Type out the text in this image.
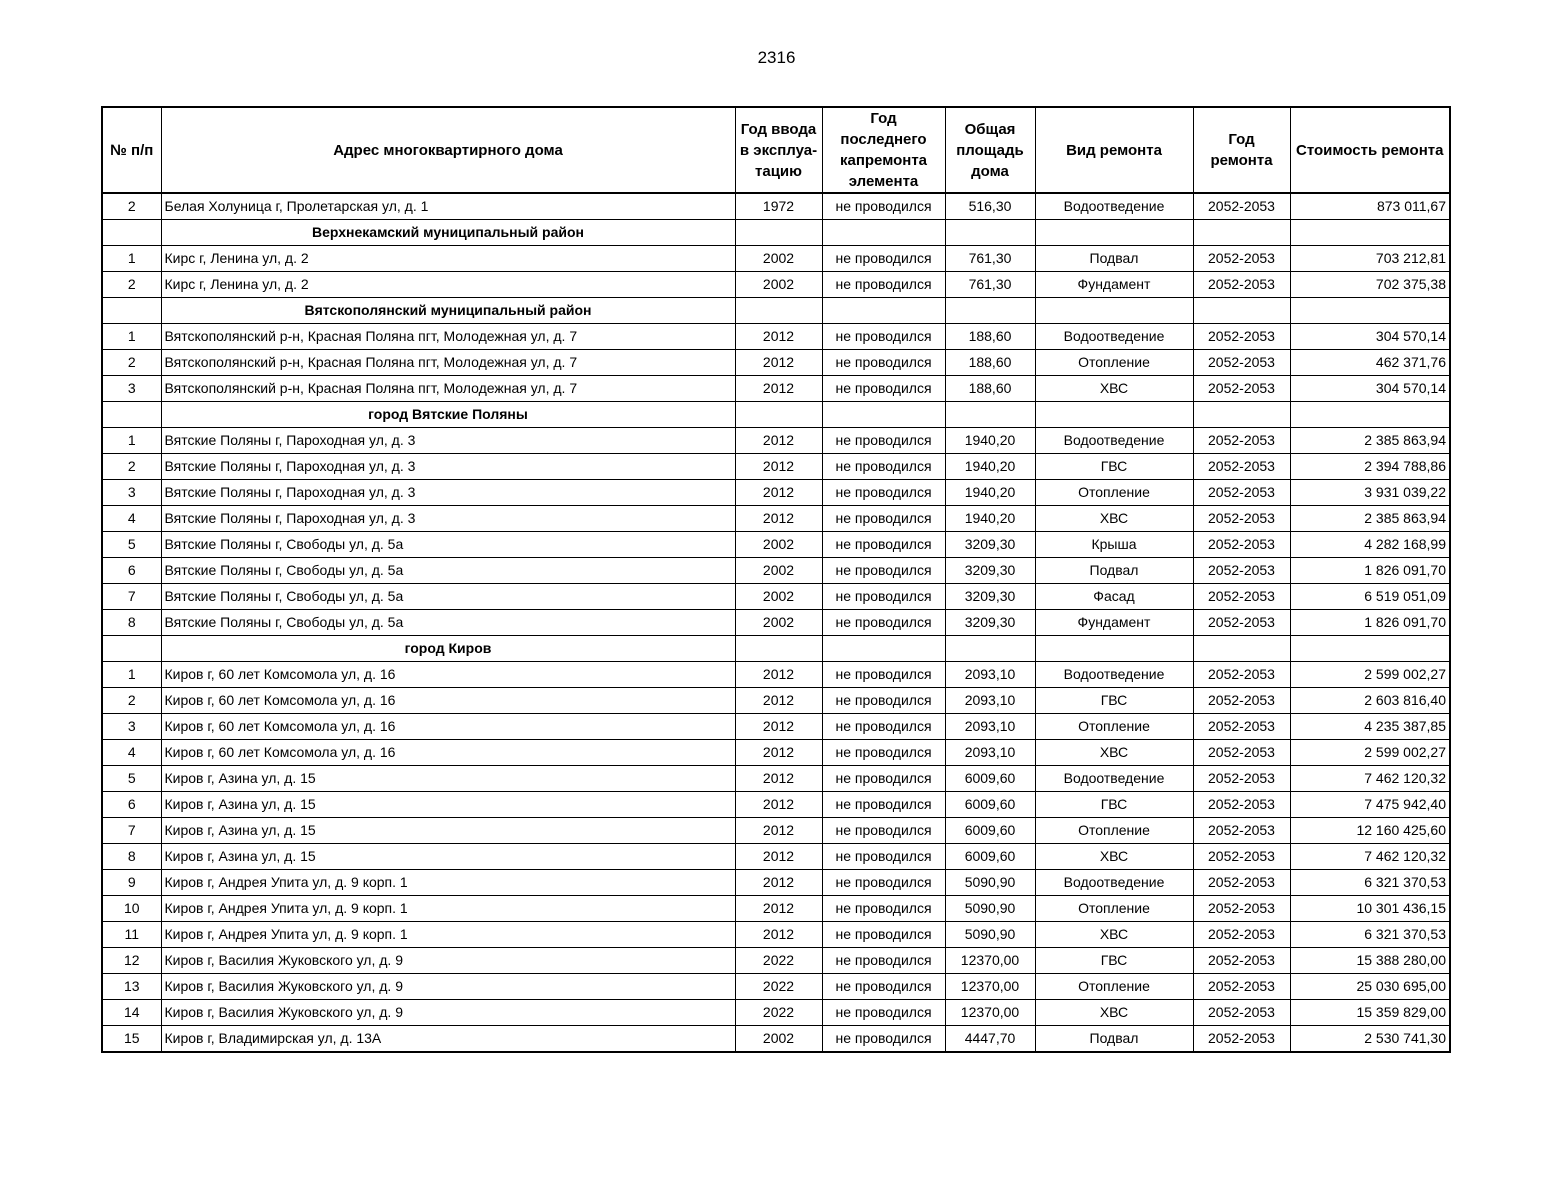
2316
№ п/п	Адрес многоквартирного дома	Год ввода в эксплуа-тацию	Год последнего капремонта элемента	Общая площадь дома	Вид ремонта	Год ремонта	Стоимость ремонта
2	Белая Холуница г, Пролетарская ул, д. 1	1972	не проводился	516,30	Водоотведение	2052-2053	873 011,67
	Верхнекамский муниципальный район						
1	Кирс г, Ленина ул, д. 2	2002	не проводился	761,30	Подвал	2052-2053	703 212,81
2	Кирс г, Ленина ул, д. 2	2002	не проводился	761,30	Фундамент	2052-2053	702 375,38
	Вятскополянский муниципальный район						
1	Вятскополянский р-н, Красная Поляна пгт, Молодежная ул, д. 7	2012	не проводился	188,60	Водоотведение	2052-2053	304 570,14
2	Вятскополянский р-н, Красная Поляна пгт, Молодежная ул, д. 7	2012	не проводился	188,60	Отопление	2052-2053	462 371,76
3	Вятскополянский р-н, Красная Поляна пгт, Молодежная ул, д. 7	2012	не проводился	188,60	ХВС	2052-2053	304 570,14
	город Вятские Поляны						
1	Вятские Поляны г, Пароходная ул, д. 3	2012	не проводился	1940,20	Водоотведение	2052-2053	2 385 863,94
2	Вятские Поляны г, Пароходная ул, д. 3	2012	не проводился	1940,20	ГВС	2052-2053	2 394 788,86
3	Вятские Поляны г, Пароходная ул, д. 3	2012	не проводился	1940,20	Отопление	2052-2053	3 931 039,22
4	Вятские Поляны г, Пароходная ул, д. 3	2012	не проводился	1940,20	ХВС	2052-2053	2 385 863,94
5	Вятские Поляны г, Свободы ул, д. 5а	2002	не проводился	3209,30	Крыша	2052-2053	4 282 168,99
6	Вятские Поляны г, Свободы ул, д. 5а	2002	не проводился	3209,30	Подвал	2052-2053	1 826 091,70
7	Вятские Поляны г, Свободы ул, д. 5а	2002	не проводился	3209,30	Фасад	2052-2053	6 519 051,09
8	Вятские Поляны г, Свободы ул, д. 5а	2002	не проводился	3209,30	Фундамент	2052-2053	1 826 091,70
	город Киров						
1	Киров г, 60 лет Комсомола ул, д. 16	2012	не проводился	2093,10	Водоотведение	2052-2053	2 599 002,27
2	Киров г, 60 лет Комсомола ул, д. 16	2012	не проводился	2093,10	ГВС	2052-2053	2 603 816,40
3	Киров г, 60 лет Комсомола ул, д. 16	2012	не проводился	2093,10	Отопление	2052-2053	4 235 387,85
4	Киров г, 60 лет Комсомола ул, д. 16	2012	не проводился	2093,10	ХВС	2052-2053	2 599 002,27
5	Киров г, Азина ул, д. 15	2012	не проводился	6009,60	Водоотведение	2052-2053	7 462 120,32
6	Киров г, Азина ул, д. 15	2012	не проводился	6009,60	ГВС	2052-2053	7 475 942,40
7	Киров г, Азина ул, д. 15	2012	не проводился	6009,60	Отопление	2052-2053	12 160 425,60
8	Киров г, Азина ул, д. 15	2012	не проводился	6009,60	ХВС	2052-2053	7 462 120,32
9	Киров г, Андрея Упита ул, д. 9 корп. 1	2012	не проводился	5090,90	Водоотведение	2052-2053	6 321 370,53
10	Киров г, Андрея Упита ул, д. 9 корп. 1	2012	не проводился	5090,90	Отопление	2052-2053	10 301 436,15
11	Киров г, Андрея Упита ул, д. 9 корп. 1	2012	не проводился	5090,90	ХВС	2052-2053	6 321 370,53
12	Киров г, Василия Жуковского ул, д. 9	2022	не проводился	12370,00	ГВС	2052-2053	15 388 280,00
13	Киров г, Василия Жуковского ул, д. 9	2022	не проводился	12370,00	Отопление	2052-2053	25 030 695,00
14	Киров г, Василия Жуковского ул, д. 9	2022	не проводился	12370,00	ХВС	2052-2053	15 359 829,00
15	Киров г, Владимирская ул, д. 13А	2002	не проводился	4447,70	Подвал	2052-2053	2 530 741,30
